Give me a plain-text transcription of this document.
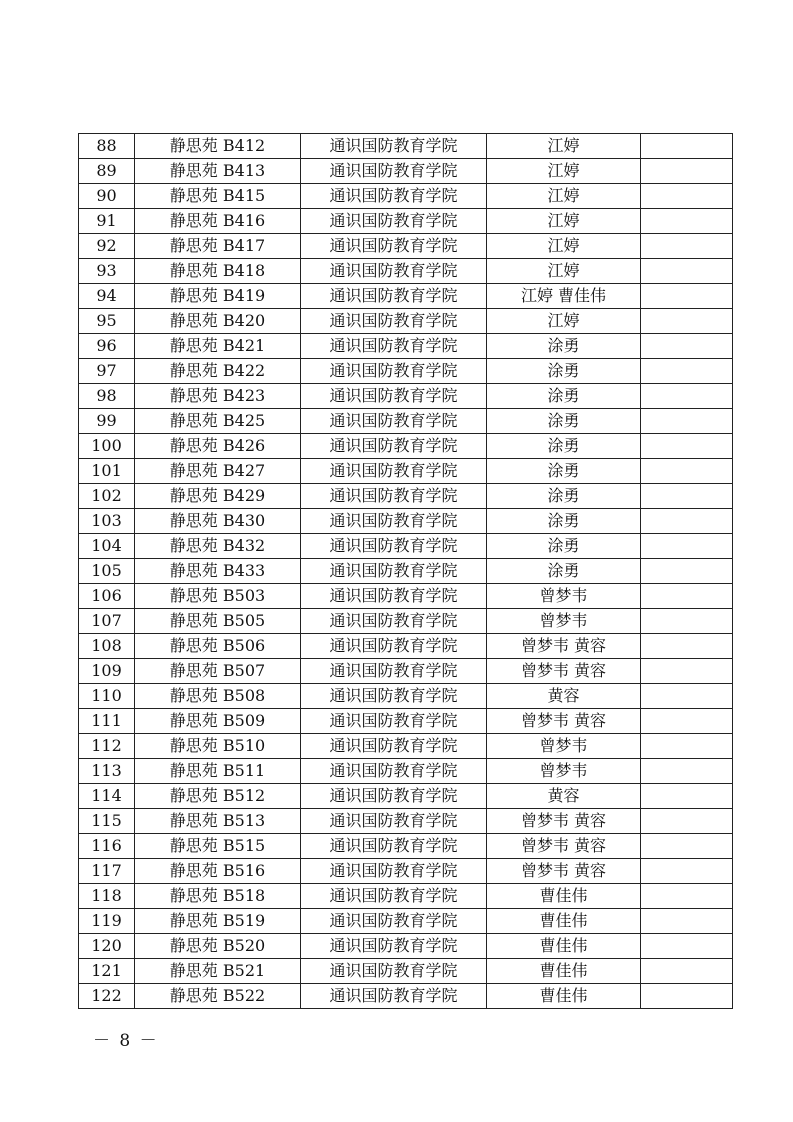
88	静思苑 B412	通识国防教育学院	江婷	
89	静思苑 B413	通识国防教育学院	江婷	
90	静思苑 B415	通识国防教育学院	江婷	
91	静思苑 B416	通识国防教育学院	江婷	
92	静思苑 B417	通识国防教育学院	江婷	
93	静思苑 B418	通识国防教育学院	江婷	
94	静思苑 B419	通识国防教育学院	江婷 曹佳伟	
95	静思苑 B420	通识国防教育学院	江婷	
96	静思苑 B421	通识国防教育学院	涂勇	
97	静思苑 B422	通识国防教育学院	涂勇	
98	静思苑 B423	通识国防教育学院	涂勇	
99	静思苑 B425	通识国防教育学院	涂勇	
100	静思苑 B426	通识国防教育学院	涂勇	
101	静思苑 B427	通识国防教育学院	涂勇	
102	静思苑 B429	通识国防教育学院	涂勇	
103	静思苑 B430	通识国防教育学院	涂勇	
104	静思苑 B432	通识国防教育学院	涂勇	
105	静思苑 B433	通识国防教育学院	涂勇	
106	静思苑 B503	通识国防教育学院	曾梦韦	
107	静思苑 B505	通识国防教育学院	曾梦韦	
108	静思苑 B506	通识国防教育学院	曾梦韦 黄容	
109	静思苑 B507	通识国防教育学院	曾梦韦 黄容	
110	静思苑 B508	通识国防教育学院	黄容	
111	静思苑 B509	通识国防教育学院	曾梦韦 黄容	
112	静思苑 B510	通识国防教育学院	曾梦韦	
113	静思苑 B511	通识国防教育学院	曾梦韦	
114	静思苑 B512	通识国防教育学院	黄容	
115	静思苑 B513	通识国防教育学院	曾梦韦 黄容	
116	静思苑 B515	通识国防教育学院	曾梦韦 黄容	
117	静思苑 B516	通识国防教育学院	曾梦韦 黄容	
118	静思苑 B518	通识国防教育学院	曹佳伟	
119	静思苑 B519	通识国防教育学院	曹佳伟	
120	静思苑 B520	通识国防教育学院	曹佳伟	
121	静思苑 B521	通识国防教育学院	曹佳伟	
122	静思苑 B522	通识国防教育学院	曹佳伟	
－ 8 －
